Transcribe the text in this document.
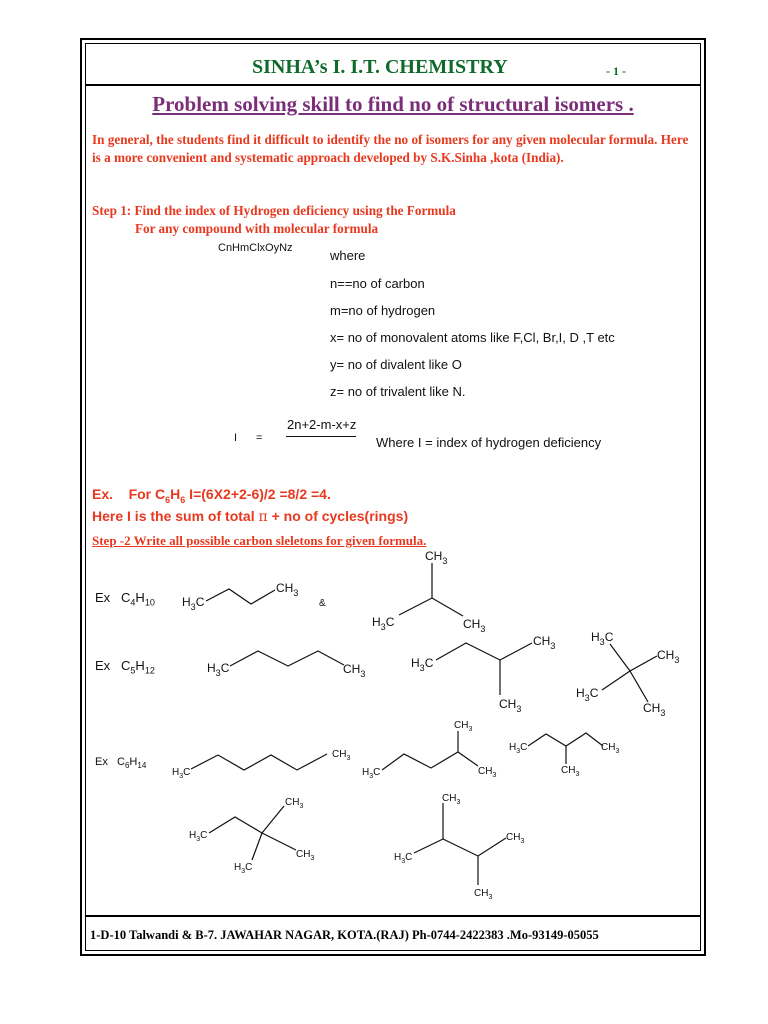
SINHA’s I. I.T. CHEMISTRY	- 1 -
Problem solving skill to find no of structural isomers .
In general, the students find it difficult to identify the no of isomers for any given molecular formula. Here is a more convenient and systematic approach developed by S.K.Sinha ,kota (India).
Step 1: Find the index of Hydrogen deficiency using the Formula
For any compound with molecular formula
CnHmClxOyNz	where
n==no of carbon
m=no of hydrogen
x= no of monovalent atoms like F,Cl, Br,I, D ,T etc
y= no of divalent like O
z= no of trivalent like N.
2n+2-m-x+z
I =	Where I = index of hydrogen deficiency
Ex. For $C_6H_6$ I=(6X2+2-6)/2 =8/2 =4.
Here I is the sum of total π + no of cycles(rings)
Step -2 Write all possible carbon sleletons for given formula.
Ex $C_4H_{10}$
Ex $C_5H_{12}$
Ex $C_6H_{14}$
&
$H_3C$
$CH_3$
$CH_3$
$H_3C$	$CH_3$
$H_3C$	$CH_3$
$H_3C$
$CH_3$
$CH_3$
$H_3C$
$CH_3$
$H_3C$
$CH_3$
$H_3C$
$CH_3$
$CH_3$
$H_3C$	$CH_3$
$H_3C$	$CH_3$
$CH_3$
$CH_3$
$H_3C$
$CH_3$
$H_3C$
$CH_3$
$H_3C$
$CH_3$
$CH_3$
1-D-10 Talwandi & B-7. JAWAHAR NAGAR, KOTA.(RAJ) Ph-0744-2422383 .Mo-93149-05055
